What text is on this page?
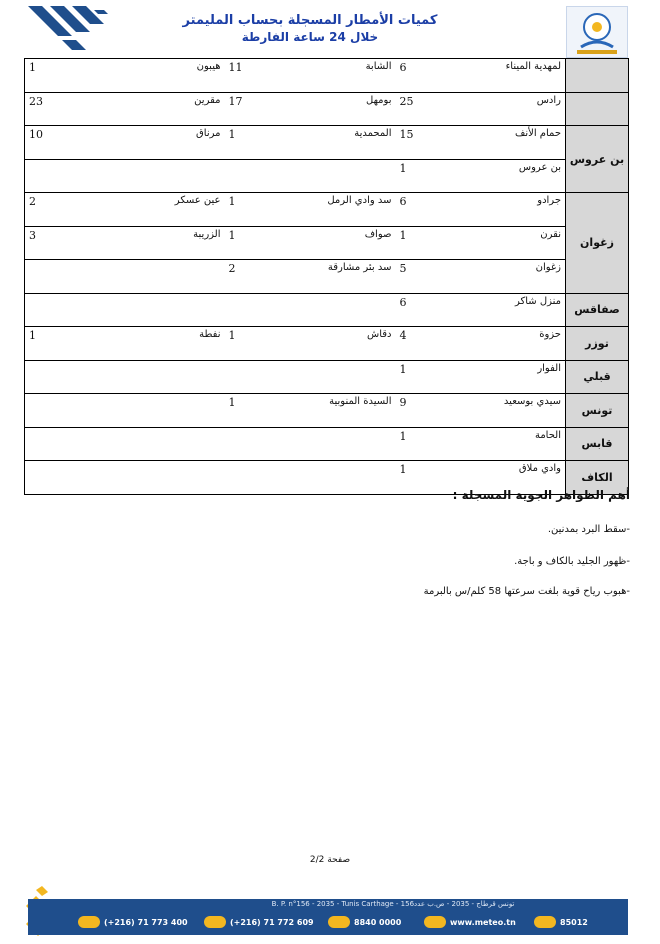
كميات الأمطار المسجلة بحساب المليمتر
خلال 24 ساعة الفارطة
	لمهدية الميناء	6	الشابة	11	هيبون	1
	رادس	25	بومهل	17	مقرين	23
بن عروس	حمام الأنف	15	المحمدية	1	مرناق	10
	بن عروس	1				
زغوان	جرادو	6	سد وادي الرمل	1	عين عسكر	2
	نقرن	1	صواف	1	الزريبة	3
	زغوان	5	سد بئر مشارقة	2		
صفاقس	منزل شاكر	6				
توزر	حزوة	4	دقاش	1	نفطة	1
قبلي	الفوار	1				
تونس	سيدي بوسعيد	9	السيدة المنوبية	1		
قابس	الحامة	1				
الكاف	وادي ملاق	1				
أهم الظواهر الجوية المسجلة :
-سقط البرد بمدنين.
-ظهور الجليد بالكاف و باجة.
-هبوب رياح قوية بلغت سرعتها 58 كلم/س بالبرمة
صفحة 2/2
B. P. n°156 - 2035 - Tunis Carthage - تونس قرطاج - 2035 - ص.ب عدد156
(+216) 71 773 400	(+216) 71 772 609	8840 0000	www.meteo.tn	85012
